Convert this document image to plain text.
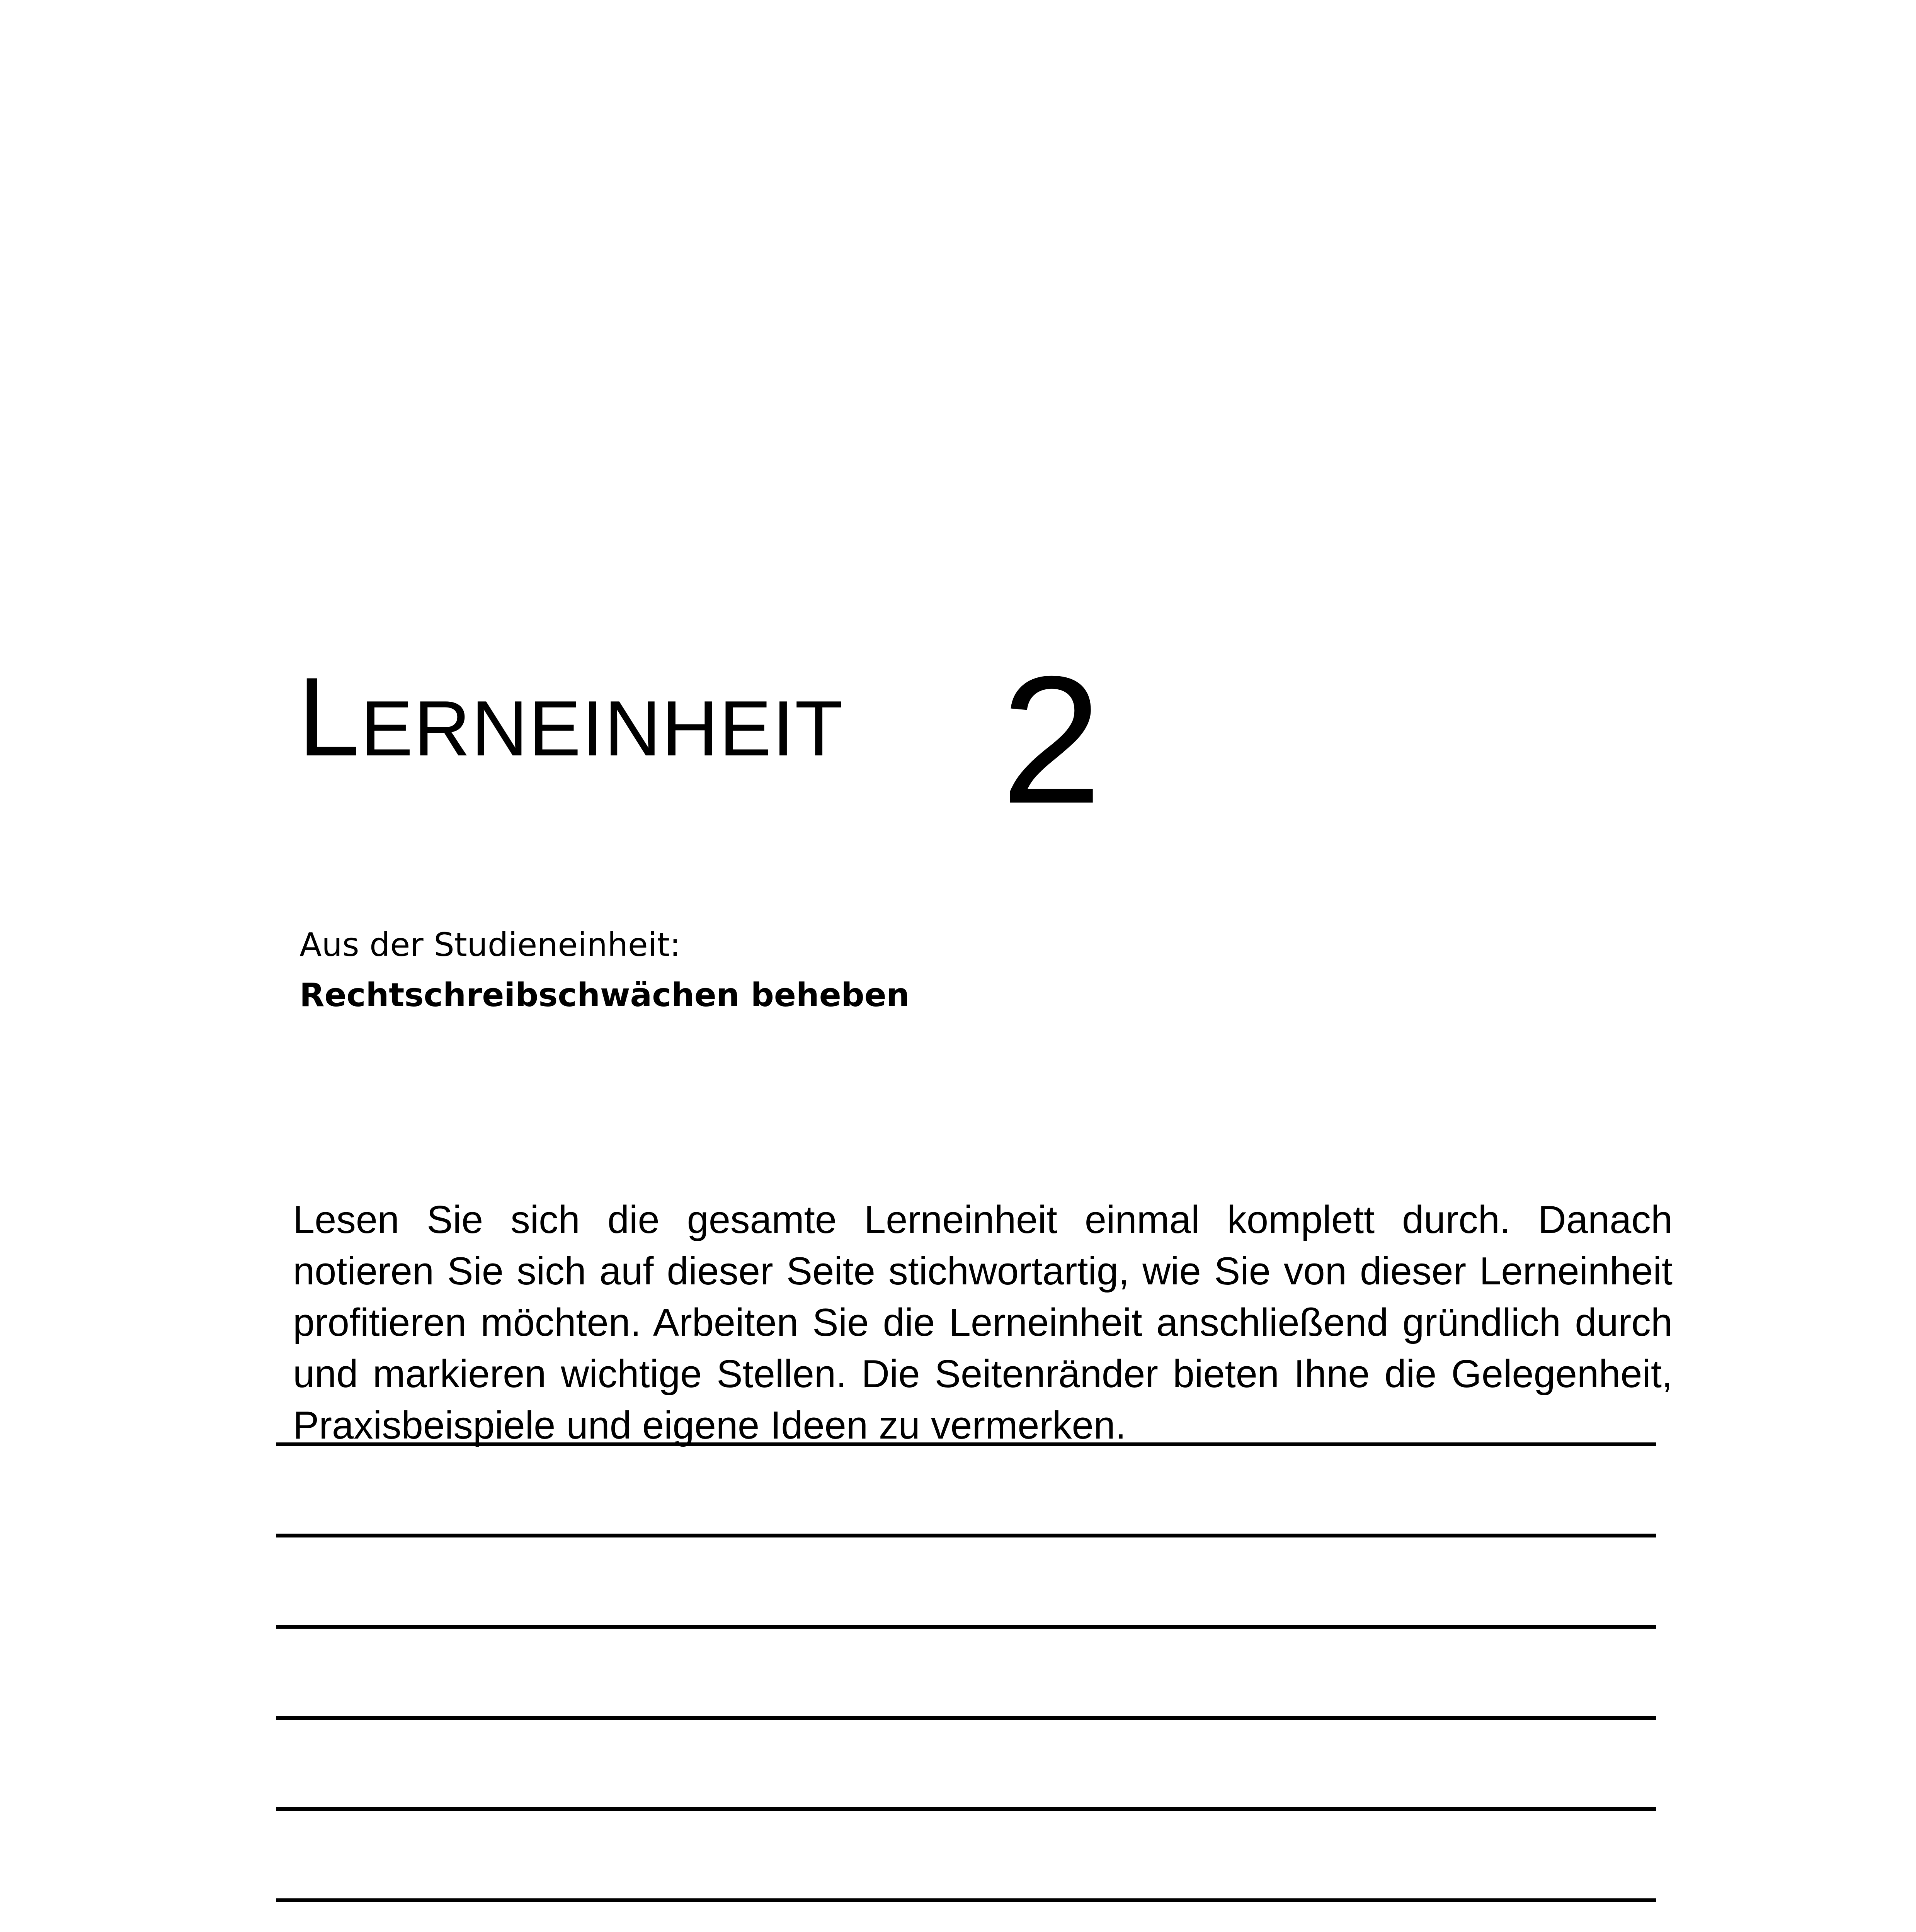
Lerneinheit 2
Aus der Studieneinheit:
Rechtschreibschwächen beheben

Lesen Sie sich die gesamte Lerneinheit einmal komplett durch. Danach notieren Sie sich auf dieser Seite stichwortartig, wie Sie von dieser Lerneinheit profitieren möchten. Arbeiten Sie die Lerneinheit anschließend gründlich durch und markieren wichtige Stellen. Die Seitenränder bieten Ihne die Gelegenheit, Praxisbeispiele und eigene Ideen zu vermerken.
